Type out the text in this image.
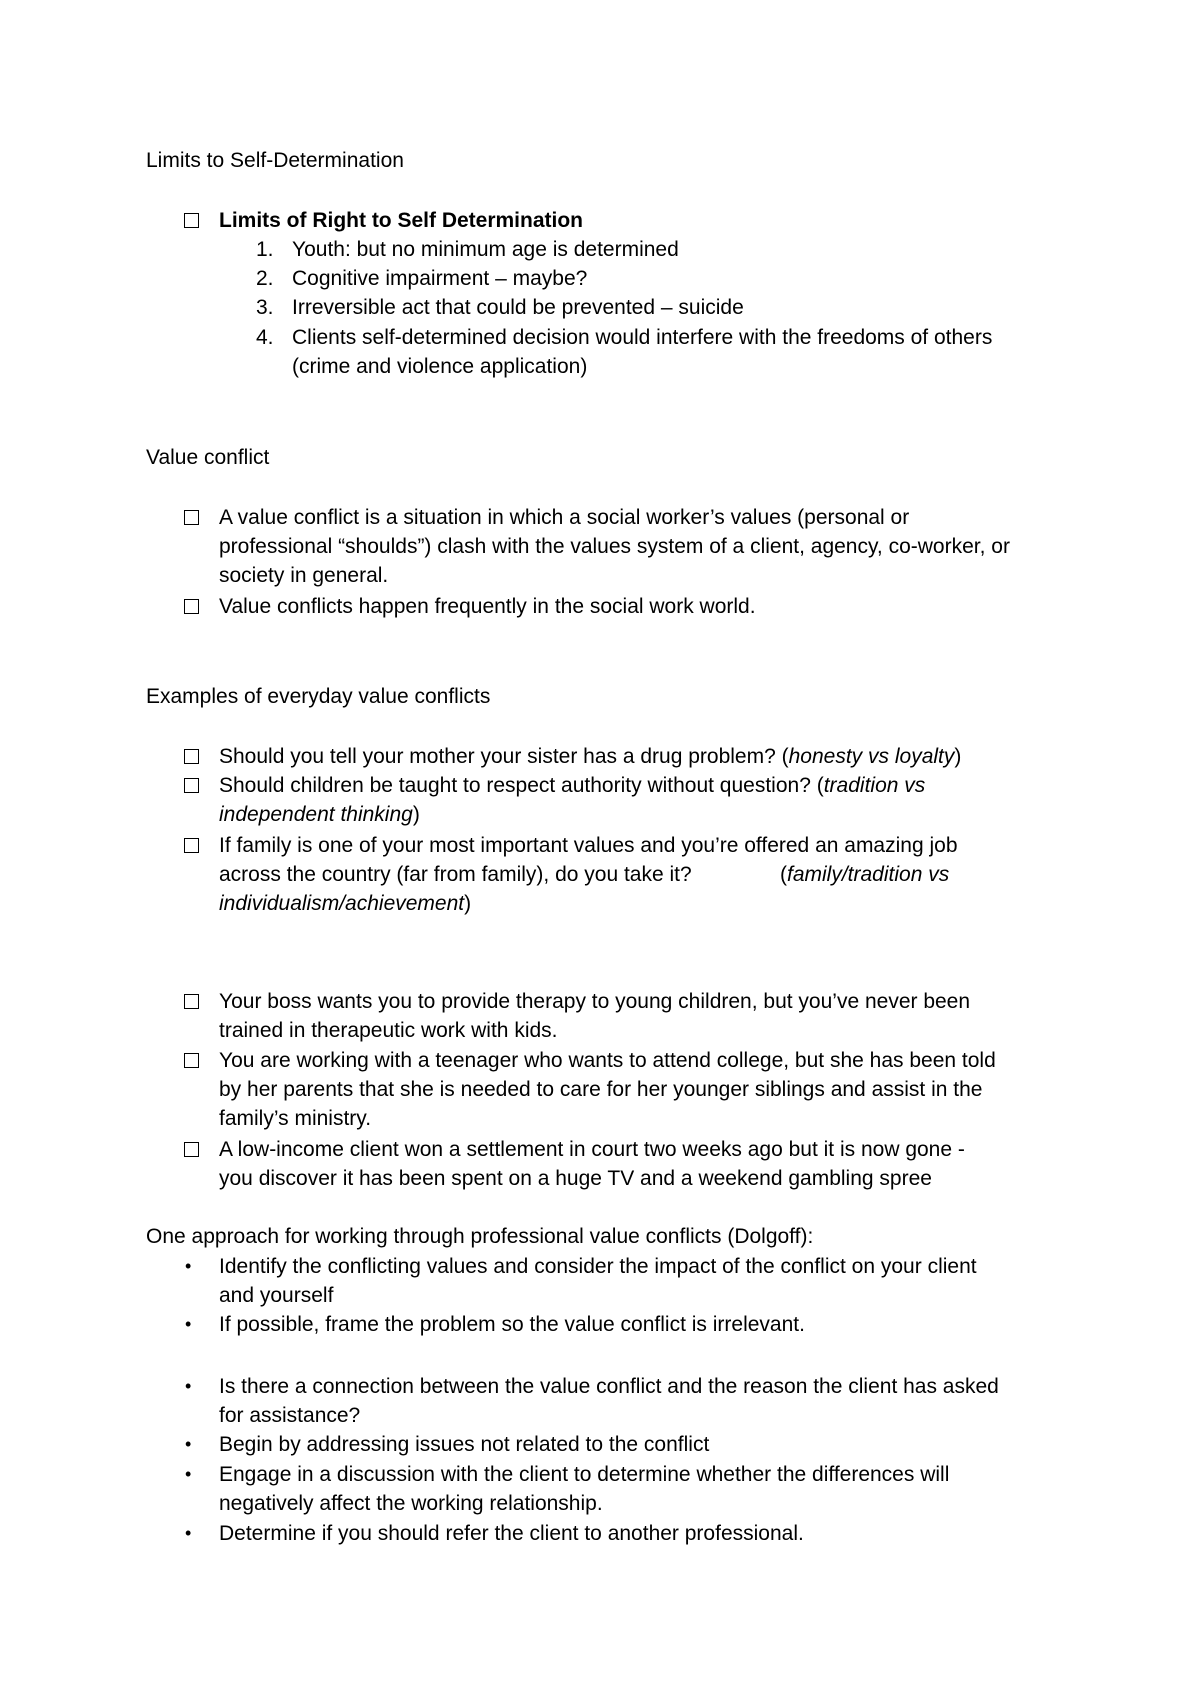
Limits to Self-Determination
Limits of Right to Self Determination
1. Youth: but no minimum age is determined
2. Cognitive impairment – maybe?
3. Irreversible act that could be prevented – suicide
4. Clients self-determined decision would interfere with the freedoms of others
(crime and violence application)
Value conflict
A value conflict is a situation in which a social worker’s values (personal or
professional “shoulds”) clash with the values system of a client, agency, co-worker, or
society in general.
Value conflicts happen frequently in the social work world.
Examples of everyday value conflicts
Should you tell your mother your sister has a drug problem? (honesty vs loyalty)
Should children be taught to respect authority without question? (tradition vs
independent thinking)
If family is one of your most important values and you’re offered an amazing job
across the country (far from family), do you take it?	(family/tradition vs
individualism/achievement)
Your boss wants you to provide therapy to young children, but you’ve never been
trained in therapeutic work with kids.
You are working with a teenager who wants to attend college, but she has been told
by her parents that she is needed to care for her younger siblings and assist in the
family’s ministry.
A low-income client won a settlement in court two weeks ago but it is now gone -
you discover it has been spent on a huge TV and a weekend gambling spree
One approach for working through professional value conflicts (Dolgoff):
• Identify the conflicting values and consider the impact of the conflict on your client
and yourself
• If possible, frame the problem so the value conflict is irrelevant.
• Is there a connection between the value conflict and the reason the client has asked
for assistance?
• Begin by addressing issues not related to the conflict
• Engage in a discussion with the client to determine whether the differences will
negatively affect the working relationship.
• Determine if you should refer the client to another professional.
